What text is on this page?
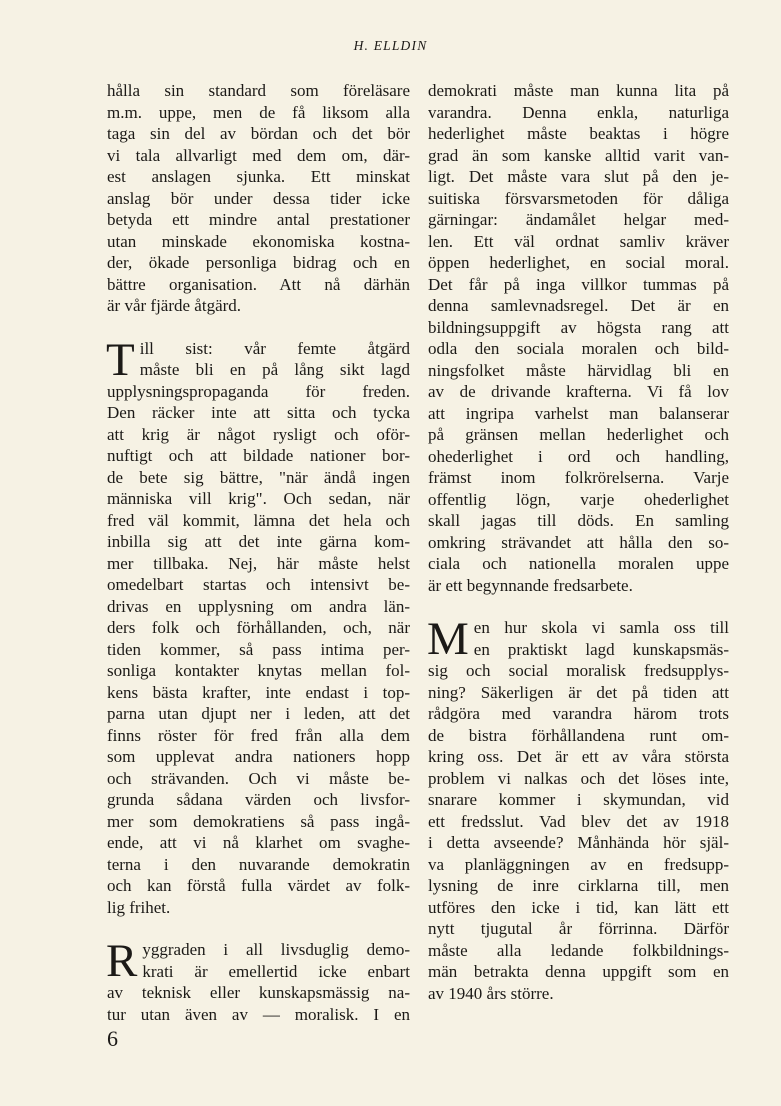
H. ELLDIN
hålla sin standard som föreläsare
m.m. uppe, men de få liksom alla
taga sin del av bördan och det bör
vi tala allvarligt med dem om, där-
est anslagen sjunka. Ett minskat
anslag bör under dessa tider icke
betyda ett mindre antal prestationer
utan minskade ekonomiska kostna-
der, ökade personliga bidrag och en
bättre organisation. Att nå därhän
är vår fjärde åtgärd.
T ill sist: vår femte åtgärd
måste bli en på lång sikt lagd
upplysningspropaganda för freden.
Den räcker inte att sitta och tycka
att krig är något rysligt och oför-
nuftigt och att bildade nationer bor-
de bete sig bättre, "när ändå ingen
människa vill krig". Och sedan, när
fred väl kommit, lämna det hela och
inbilla sig att det inte gärna kom-
mer tillbaka. Nej, här måste helst
omedelbart startas och intensivt be-
drivas en upplysning om andra län-
ders folk och förhållanden, och, när
tiden kommer, så pass intima per-
sonliga kontakter knytas mellan fol-
kens bästa krafter, inte endast i top-
parna utan djupt ner i leden, att det
finns röster för fred från alla dem
som upplevat andra nationers hopp
och strävanden. Och vi måste be-
grunda sådana värden och livsfor-
mer som demokratiens så pass ingå-
ende, att vi nå klarhet om svaghe-
terna i den nuvarande demokratin
och kan förstå fulla värdet av folk-
lig frihet.
R yggraden i all livsduglig demo-
krati är emellertid icke enbart
av teknisk eller kunskapsmässig na-
tur utan även av — moralisk. I en
demokrati måste man kunna lita på
varandra. Denna enkla, naturliga
hederlighet måste beaktas i högre
grad än som kanske alltid varit van-
ligt. Det måste vara slut på den je-
suitiska försvarsmetoden för dåliga
gärningar: ändamålet helgar med-
len. Ett väl ordnat samliv kräver
öppen hederlighet, en social moral.
Det får på inga villkor tummas på
denna samlevnadsregel. Det är en
bildningsuppgift av högsta rang att
odla den sociala moralen och bild-
ningsfolket måste härvidlag bli en
av de drivande krafterna. Vi få lov
att ingripa varhelst man balanserar
på gränsen mellan hederlighet och
ohederlighet i ord och handling,
främst inom folkrörelserna. Varje
offentlig lögn, varje ohederlighet
skall jagas till döds. En samling
omkring strävandet att hålla den so-
ciala och nationella moralen uppe
är ett begynnande fredsarbete.
M en hur skola vi samla oss till
en praktiskt lagd kunskapsmäs-
sig och social moralisk fredsupplys-
ning? Säkerligen är det på tiden att
rådgöra med varandra härom trots
de bistra förhållandena runt om-
kring oss. Det är ett av våra största
problem vi nalkas och det löses inte,
snarare kommer i skymundan, vid
ett fredsslut. Vad blev det av 1918
i detta avseende? Månhända hör själ-
va planläggningen av en fredsupp-
lysning de inre cirklarna till, men
utföres den icke i tid, kan lätt ett
nytt tjugutal år förrinna. Därför
måste alla ledande folkbildnings-
män betrakta denna uppgift som en
av 1940 års större.
6
